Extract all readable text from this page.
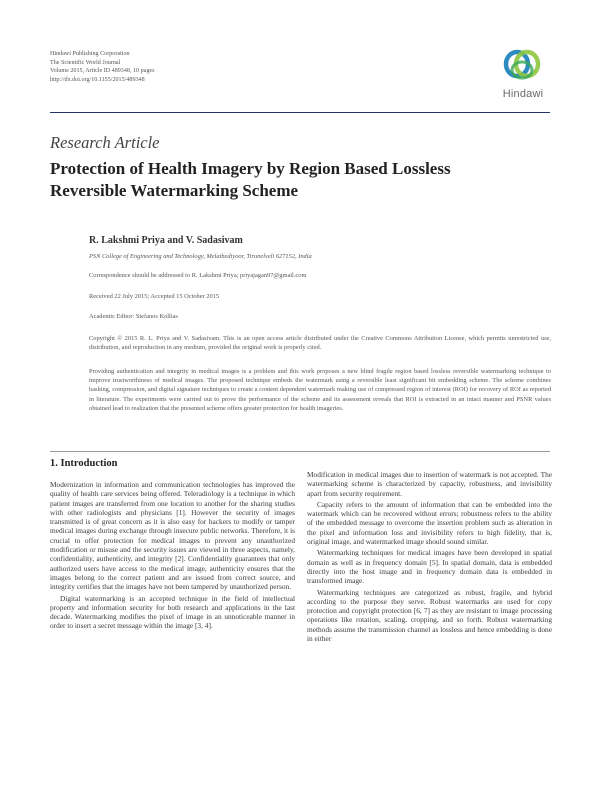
Hindawi Publishing Corporation
The Scientific World Journal
Volume 2015, Article ID 489348, 10 pages
http://dx.doi.org/10.1155/2015/489348
Hindawi
Research Article
Protection of Health Imagery by Region Based Lossless
Reversible Watermarking Scheme
R. Lakshmi Priya and V. Sadasivam
PSN College of Engineering and Technology, Melathediyoor, Tirunelveli 627152, India
Correspondence should be addressed to R. Lakshmi Priya; priyajagan97@gmail.com
Received 22 July 2015; Accepted 15 October 2015
Academic Editor: Stefanos Kollias
Copyright © 2015 R. L. Priya and V. Sadasivam. This is an open access article distributed under the Creative Commons Attribution License, which permits unrestricted use, distribution, and reproduction in any medium, provided the original work is properly cited.
Providing authentication and integrity in medical images is a problem and this work proposes a new blind fragile region based lossless reversible watermarking technique to improve trustworthiness of medical images. The proposed technique embeds the watermark using a reversible least significant bit embedding scheme. The scheme combines hashing, compression, and digital signature techniques to create a content dependent watermark making use of compressed region of interest (ROI) for recovery of ROI as reported in literature. The experiments were carried out to prove the performance of the scheme and its assessment reveals that ROI is extracted in an intact manner and PSNR values obtained lead to realization that the presented scheme offers greater protection for health imageries.
1. Introduction

Modernization in information and communication technologies has improved the quality of health care services being offered. Teleradiology is a technique in which patient images are transferred from one location to another for the sharing studies with other radiologists and physicians [1]. However the security of images transmitted is of great concern as it is also easy for hackers to modify or tamper medical images during exchange through insecure public networks. Therefore, it is crucial to offer protection for medical images to prevent any unauthorized modification or misuse and the security issues are viewed in three aspects, namely, confidentiality, authenticity, and integrity [2]. Confidentiality guarantees that only authorized users have access to the medical image, authenticity ensures that the images belong to the correct patient and are issued from correct source, and integrity certifies that the images have not been tampered by unauthorized person.

Digital watermarking is an accepted technique in the field of intellectual property and information security for both research and applications in the last decade. Watermarking modifies the pixel of image in an unnoticeable manner in order to insert a secret message within the image [3, 4].

Modification in medical images due to insertion of watermark is not accepted. The watermarking scheme is characterized by capacity, robustness, and invisibility apart from security requirement.

Capacity refers to the amount of information that can be embedded into the watermark which can be recovered without errors; robustness refers to the ability of the embedded message to overcome the insertion problem such as alteration in the pixel and information loss and invisibility refers to high fidelity, that is, original image, and watermarked image should sound similar.

Watermarking techniques for medical images have been developed in spatial domain as well as in frequency domain [5]. In spatial domain, data is embedded directly into the host image and in frequency domain data is embedded in transformed image.

Watermarking techniques are categorized as robust, fragile, and hybrid according to the purpose they serve. Robust watermarks are used for copy protection and copyright protection [6, 7] as they are resistant to image processing operations like rotation, scaling, cropping, and so forth. Robust watermarking methods assume the transmission channel as lossless and hence embedding is done in either
